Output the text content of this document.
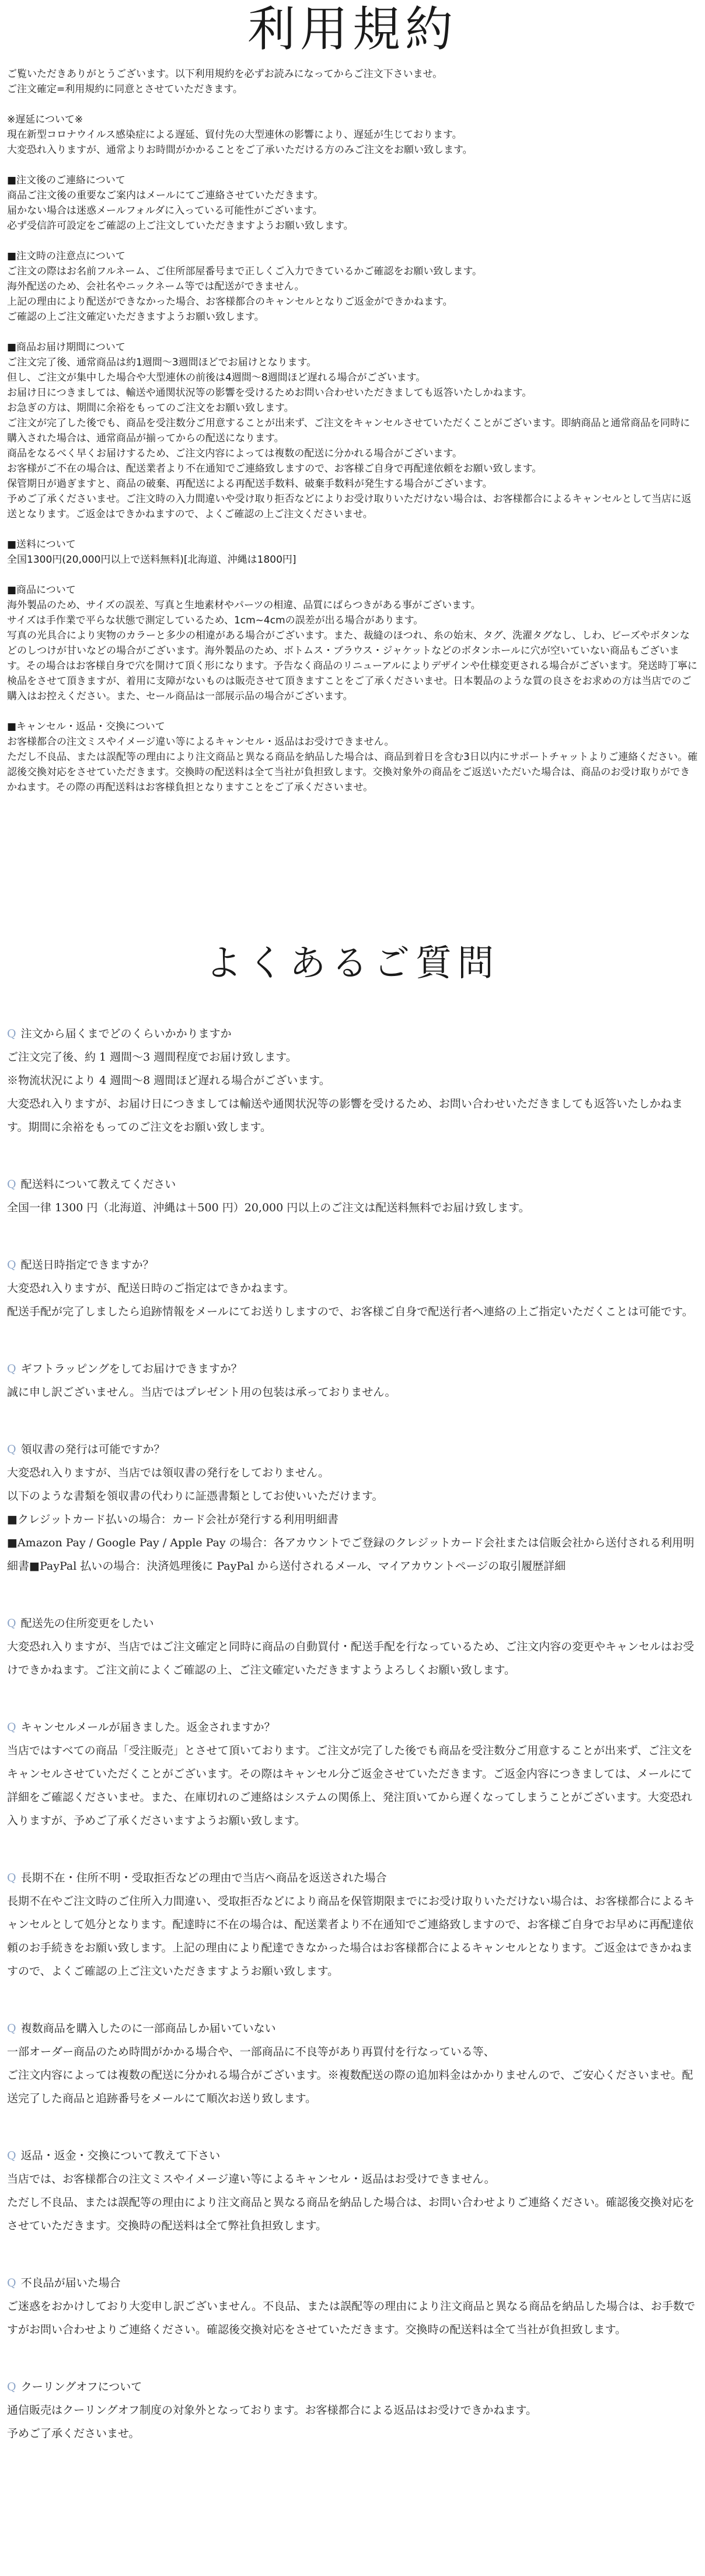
利用規約

ご覧いただきありがとうございます。以下利用規約を必ずお読みになってからご注文下さいませ。

ご注文確定=利用規約に同意とさせていただきます。

※遅延について※

現在新型コロナウイルス感染症による遅延、貿付先の大型連休の影響により、遅延が生じております。

大変恐れ入りますが、通常よりお時間がかかることをご了承いただける方のみご注文をお願い致します。

■注文後のご連絡について

商品ご注文後の重要なご案内はメールにてご連絡させていただきます。

届かない場合は迷惑メールフォルダに入っている可能性がございます。

必ず受信許可設定をご確認の上ご注文していただきますようお願い致します。

■注文時の注意点について

ご注文の際はお名前フルネーム、ご住所部屋番号まで正しくご入力できているかご確認をお願い致します。

海外配送のため、会社名やニックネーム等では配送ができません。

上記の理由により配送ができなかった場合、お客様都合のキャンセルとなりご返金ができかねます。

ご確認の上ご注文確定いただきますようお願い致します。

■商品お届け期間について

ご注文完了後、通常商品は約1週間〜3週間ほどでお届けとなります。

但し、ご注文が集中した場合や大型連休の前後は4週間〜8週間ほど遅れる場合がございます。

お届け日につきましては、輸送や通関状況等の影響を受けるためお問い合わせいただきましても返答いたしかねます。

お急ぎの方は、期間に余裕をもってのご注文をお願い致します。

ご注文が完了した後でも、商品を受注数分ご用意することが出来ず、ご注文をキャンセルさせていただくことがございます。即納商品と通常商品を同時に購入された場合は、通常商品が揃ってからの配送になります。

商品をなるべく早くお届けするため、ご注文内容によっては複数の配送に分かれる場合がございます。

お客様がご不在の場合は、配送業者より不在通知でご連絡致しますので、お客様ご自身で再配達依頼をお願い致します。

保管期日が過ぎますと、商品の破棄、再配送による再配送手数料、破棄手数料が発生する場合がございます。

予めご了承くださいませ。ご注文時の入力間違いや受け取り拒否などによりお受け取りいただけない場合は、お客様都合によるキャンセルとして当店に返送となります。ご返金はできかねますので、よくご確認の上ご注文くださいませ。

■送料について

全国1300円(20,000円以上で送料無料)[北海道、沖縄は1800円]

■商品について

海外製品のため、サイズの誤差、写真と生地素材やパーツの相違、品質にばらつきがある事がございます。

サイズは手作業で平らな状態で測定しているため、1cm~4cmの誤差が出る場合があります。

写真の光具合により実物のカラーと多少の相違がある場合がございます。また、裁縫のほつれ、糸の始末、タグ、洗濯タグなし、しわ、ビーズやボタンなどのしつけが甘いなどの場合がございます。海外製品のため、ボトムス・ブラウス・ジャケットなどのボタンホールに穴が空いていない商品もございます。その場合はお客様自身で穴を開けて頂く形になります。予告なく商品のリニューアルによりデザインや仕様変更される場合がございます。発送時丁寧に検品をさせて頂きますが、着用に支障がないものは販売させて頂きますことをご了承くださいませ。日本製品のような質の良さをお求めの方は当店でのご購入はお控えください。また、セール商品は一部展示品の場合がございます。

■キャンセル・返品・交換について

お客様都合の注文ミスやイメージ違い等によるキャンセル・返品はお受けできません。

ただし不良品、または誤配等の理由により注文商品と異なる商品を納品した場合は、商品到着日を含む3日以内にサポートチャットよりご連絡ください。確認後交換対応をさせていただきます。交換時の配送料は全て当社が負担致します。交換対象外の商品をご返送いただいた場合は、商品のお受け取りができかねます。その際の再配送料はお客様負担となりますことをご了承くださいませ。

よくあるご質問

Q 注文から届くまでどのくらいかかりますか

ご注文完了後、約 1 週間〜3 週間程度でお届け致します。

※物流状況により 4 週間〜8 週間ほど遅れる場合がございます。

大変恐れ入りますが、お届け日につきましては輸送や通関状況等の影響を受けるため、お問い合わせいただきましても返答いたしかねます。期間に余裕をもってのご注文をお願い致します。

Q 配送料について教えてください

全国一律 1300 円（北海道、沖縄は＋500 円）20,000 円以上のご注文は配送料無料でお届け致します。

Q 配送日時指定できますか？

大変恐れ入りますが、配送日時のご指定はできかねます。

配送手配が完了しましたら追跡情報をメールにてお送りしますので、お客様ご自身で配送行者へ連絡の上ご指定いただくことは可能です。

Q ギフトラッピングをしてお届けできますか？

誠に申し訳ございません。当店ではプレゼント用の包装は承っておりません。

Q 領収書の発行は可能ですか？

大変恐れ入りますが、当店では領収書の発行をしておりません。

以下のような書類を領収書の代わりに証憑書類としてお使いいただけます。

■クレジットカード払いの場合：カード会社が発行する利用明細書

■Amazon Pay / Google Pay / Apple Pay の場合：各アカウントでご登録のクレジットカード会社または信販会社から送付される利用明細書■PayPal 払いの場合：決済処理後に PayPal から送付されるメール、マイアカウントページの取引履歴詳細

Q 配送先の住所変更をしたい

大変恐れ入りますが、当店ではご注文確定と同時に商品の自動買付・配送手配を行なっているため、ご注文内容の変更やキャンセルはお受けできかねます。ご注文前によくご確認の上、ご注文確定いただきますようよろしくお願い致します。

Q キャンセルメールが届きました。返金されますか？

当店ではすべての商品「受注販売」とさせて頂いております。ご注文が完了した後でも商品を受注数分ご用意することが出来ず、ご注文をキャンセルさせていただくことがございます。その際はキャンセル分ご返金させていただきます。ご返金内容につきましては、メールにて詳細をご確認くださいませ。また、在庫切れのご連絡はシステムの関係上、発注頂いてから遅くなってしまうことがございます。大変恐れ入りますが、予めご了承くださいますようお願い致します。

Q 長期不在・住所不明・受取拒否などの理由で当店へ商品を返送された場合

長期不在やご注文時のご住所入力間違い、受取拒否などにより商品を保管期限までにお受け取りいただけない場合は、お客様都合によるキャンセルとして処分となります。配達時に不在の場合は、配送業者より不在通知でご連絡致しますので、お客様ご自身でお早めに再配達依頼のお手続きをお願い致します。上記の理由により配達できなかった場合はお客様都合によるキャンセルとなります。ご返金はできかねますので、よくご確認の上ご注文いただきますようお願い致します。

Q 複数商品を購入したのに一部商品しか届いていない

一部オーダー商品のため時間がかかる場合や、一部商品に不良等があり再買付を行なっている等、

ご注文内容によっては複数の配送に分かれる場合がございます。※複数配送の際の追加料金はかかりませんので、ご安心くださいませ。配送完了した商品と追跡番号をメールにて順次お送り致します。

Q 返品・返金・交換について教えて下さい

当店では、お客様都合の注文ミスやイメージ違い等によるキャンセル・返品はお受けできません。

ただし不良品、または誤配等の理由により注文商品と異なる商品を納品した場合は、お問い合わせよりご連絡ください。確認後交換対応をさせていただきます。交換時の配送料は全て弊社負担致します。

Q 不良品が届いた場合

ご迷惑をおかけしており大変申し訳ございません。不良品、または誤配等の理由により注文商品と異なる商品を納品した場合は、お手数ですがお問い合わせよりご連絡ください。確認後交換対応をさせていただきます。交換時の配送料は全て当社が負担致します。

Q クーリングオフについて

通信販売はクーリングオフ制度の対象外となっております。お客様都合による返品はお受けできかねます。

予めご了承くださいませ。
